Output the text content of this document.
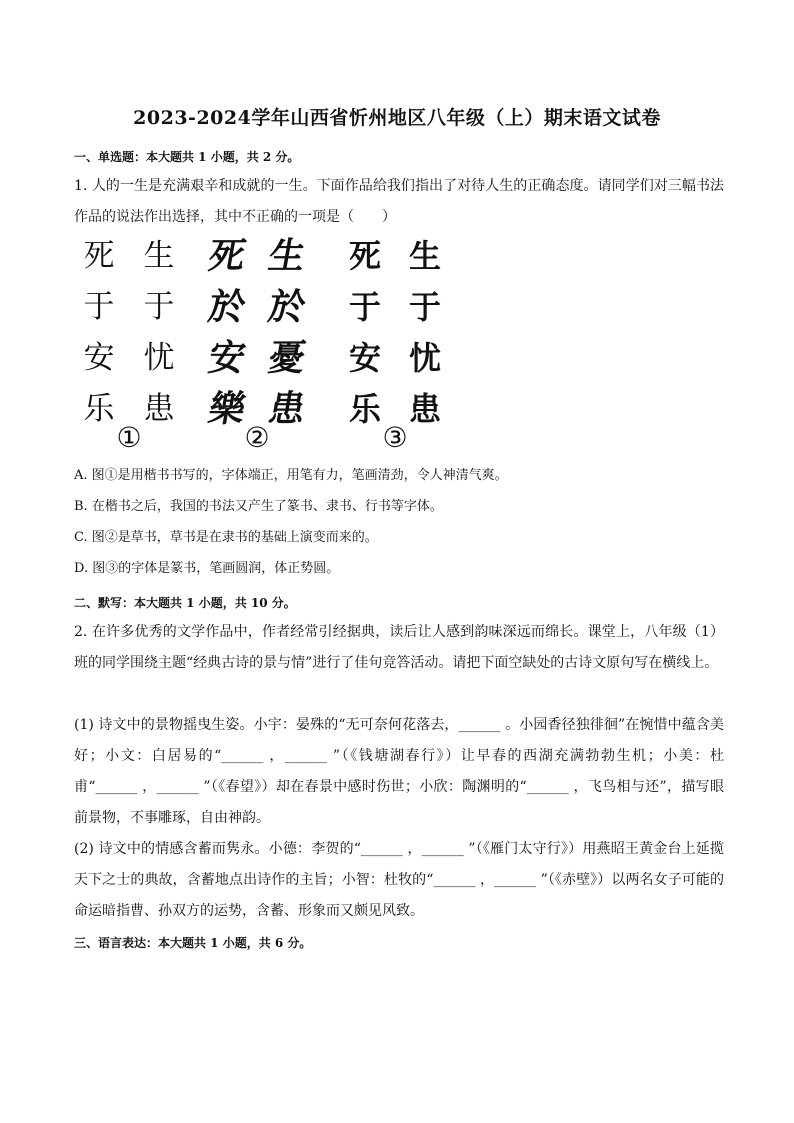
2023-2024学年山西省忻州地区八年级（上）期末语文试卷
一、单选题：本大题共 1 小题，共 2 分。
1. 人的一生是充满艰辛和成就的一生。下面作品给我们指出了对待人生的正确态度。请同学们对三幅书法作品的说法作出选择，其中不正确的一项是（　　）
死 生
于 于
安 忧
乐 患
死 生
於 於
安 憂
樂 患
死 生
于 于
安 忧
乐 患
①	②	③
A. 图①是用楷书书写的，字体端正，用笔有力，笔画清劲，令人神清气爽。
B. 在楷书之后，我国的书法又产生了篆书、隶书、行书等字体。
C. 图②是草书，草书是在隶书的基础上演变而来的。
D. 图③的字体是篆书，笔画圆润，体正势圆。
二、默写：本大题共 1 小题，共 10 分。
2. 在许多优秀的文学作品中，作者经常引经据典，读后让人感到韵味深远而绵长。课堂上，八年级（1）班的同学围绕主题“经典古诗的景与情”进行了佳句竞答活动。请把下面空缺处的古诗文原句写在横线上。
(1) 诗文中的景物摇曳生姿。小宇：晏殊的“无可奈何花落去，______ 。小园香径独徘徊”在惋惜中蕴含美好；小文：白居易的“______ ，______ ”（《钱塘湖春行》）让早春的西湖充满勃勃生机；小美：杜甫“______ ，______ ”（《春望》）却在春景中感时伤世；小欣：陶渊明的“______ ，飞鸟相与还”，描写眼前景物，不事雕琢，自由神韵。
(2) 诗文中的情感含蓄而隽永。小德：李贺的“______ ，______ ”（《雁门太守行》）用燕昭王黄金台上延揽天下之士的典故，含蓄地点出诗作的主旨；小智：杜牧的“______ ，______ ”（《赤壁》）以两名女子可能的命运暗指曹、孙双方的运势，含蓄、形象而又颇见风致。
三、语言表达：本大题共 1 小题，共 6 分。
